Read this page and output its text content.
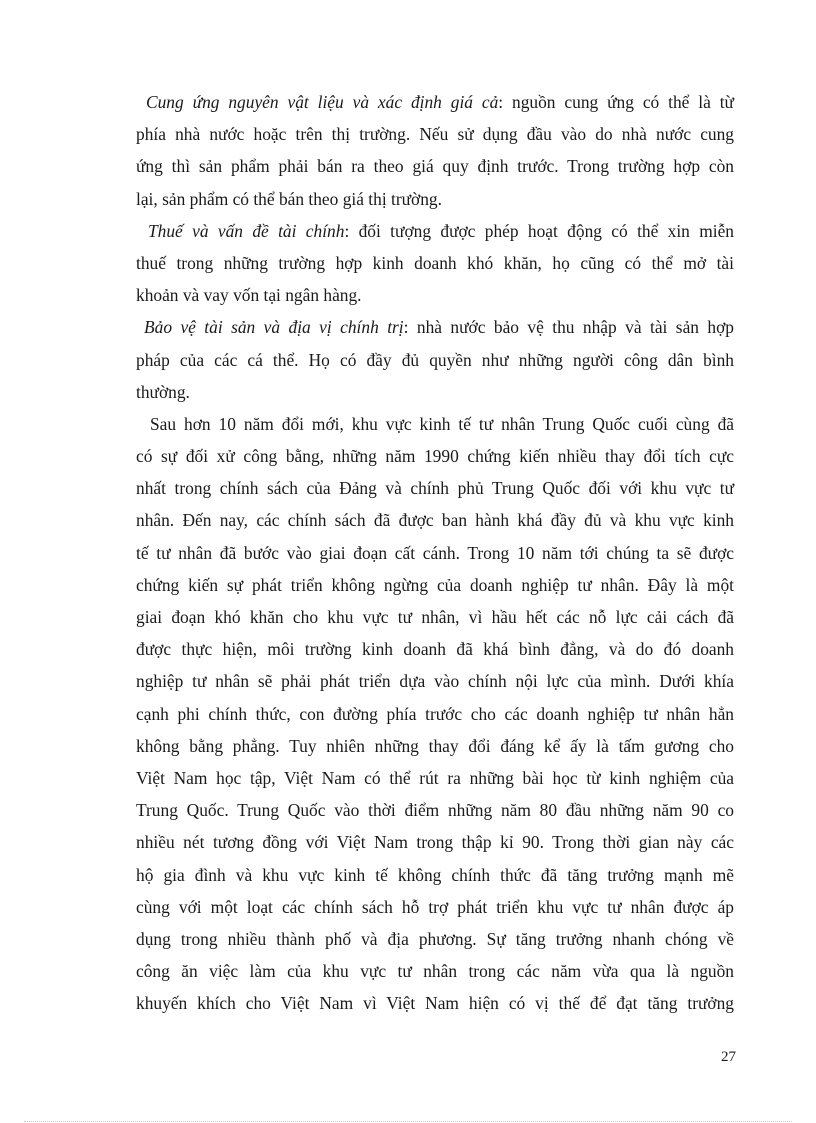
Cung ứng nguyên vật liệu và xác định giá cả: nguồn cung ứng có thể là từ
phía nhà nước hoặc trên thị trường. Nếu sử dụng đầu vào do nhà nước cung
ứng thì sản phẩm phải bán ra theo giá quy định trước. Trong trường hợp còn
lại, sản phẩm có thể bán theo giá thị trường.
Thuế và vấn đề tài chính: đối tượng được phép hoạt động có thể xin miễn
thuế trong những trường hợp kinh doanh khó khăn, họ cũng có thể mở tài
khoản và vay vốn tại ngân hàng.
Bảo vệ tài sản và địa vị chính trị: nhà nước bảo vệ thu nhập và tài sản hợp
pháp của các cá thể. Họ có đầy đủ quyền như những người công dân bình
thường.
Sau hơn 10 năm đổi mới, khu vực kinh tế tư nhân Trung Quốc cuối cùng đã
có sự đối xử công bằng, những năm 1990 chứng kiến nhiều thay đổi tích cực
nhất trong chính sách của Đảng và chính phủ Trung Quốc đối với khu vực tư
nhân. Đến nay, các chính sách đã được ban hành khá đầy đủ và khu vực kinh
tế tư nhân đã bước vào giai đoạn cất cánh. Trong 10 năm tới chúng ta sẽ được
chứng kiến sự phát triển không ngừng của doanh nghiệp tư nhân. Đây là một
giai đoạn khó khăn cho khu vực tư nhân, vì hầu hết các nỗ lực cải cách đã
được thực hiện, môi trường kinh doanh đã khá bình đẳng, và do đó doanh
nghiệp tư nhân sẽ phải phát triển dựa vào chính nội lực của mình. Dưới khía
cạnh phi chính thức, con đường phía trước cho các doanh nghiệp tư nhân hẳn
không bằng phẳng. Tuy nhiên những thay đổi đáng kể ấy là tấm gương cho
Việt Nam học tập, Việt Nam có thể rút ra những bài học từ kinh nghiệm của
Trung Quốc. Trung Quốc vào thời điểm những năm 80 đầu những năm 90 co
nhiều nét tương đồng với Việt Nam trong thập kỉ 90. Trong thời gian này các
hộ gia đình và khu vực kinh tế không chính thức đã tăng trưởng mạnh mẽ
cùng với một loạt các chính sách hỗ trợ phát triển khu vực tư nhân được áp
dụng trong nhiều thành phố và địa phương. Sự tăng trưởng nhanh chóng về
công ăn việc làm của khu vực tư nhân trong các năm vừa qua là nguồn
khuyến khích cho Việt Nam vì Việt Nam hiện có vị thế để đạt tăng trưởng
27
